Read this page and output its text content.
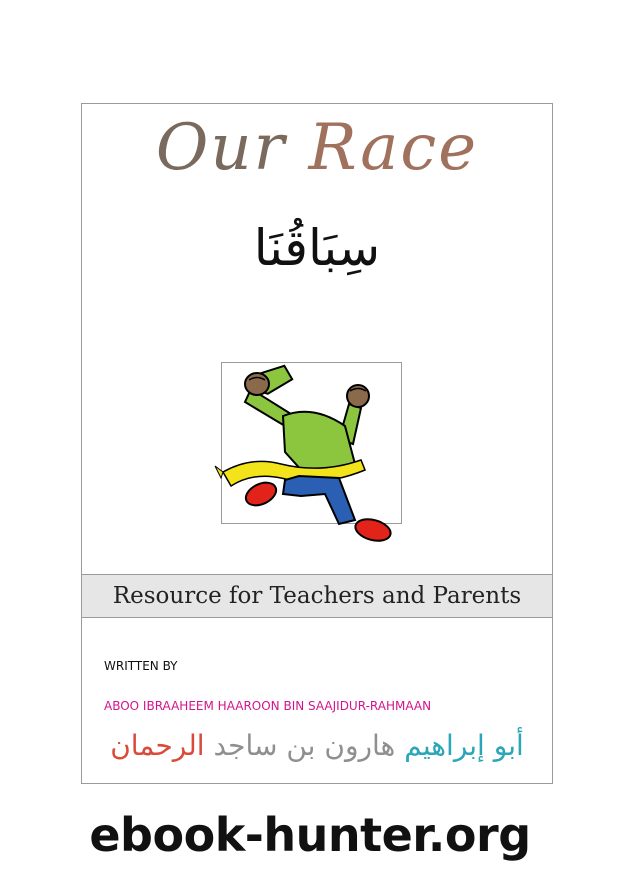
Our Race
سِبَاقُنَا
Resource for Teachers and Parents
WRITTEN BY
ABOO IBRAAHEEM HAAROON BIN SAAJIDUR-RAHMAAN
أبو إبراهيم هارون بن ساجد الرحمان
ebook-hunter.org
